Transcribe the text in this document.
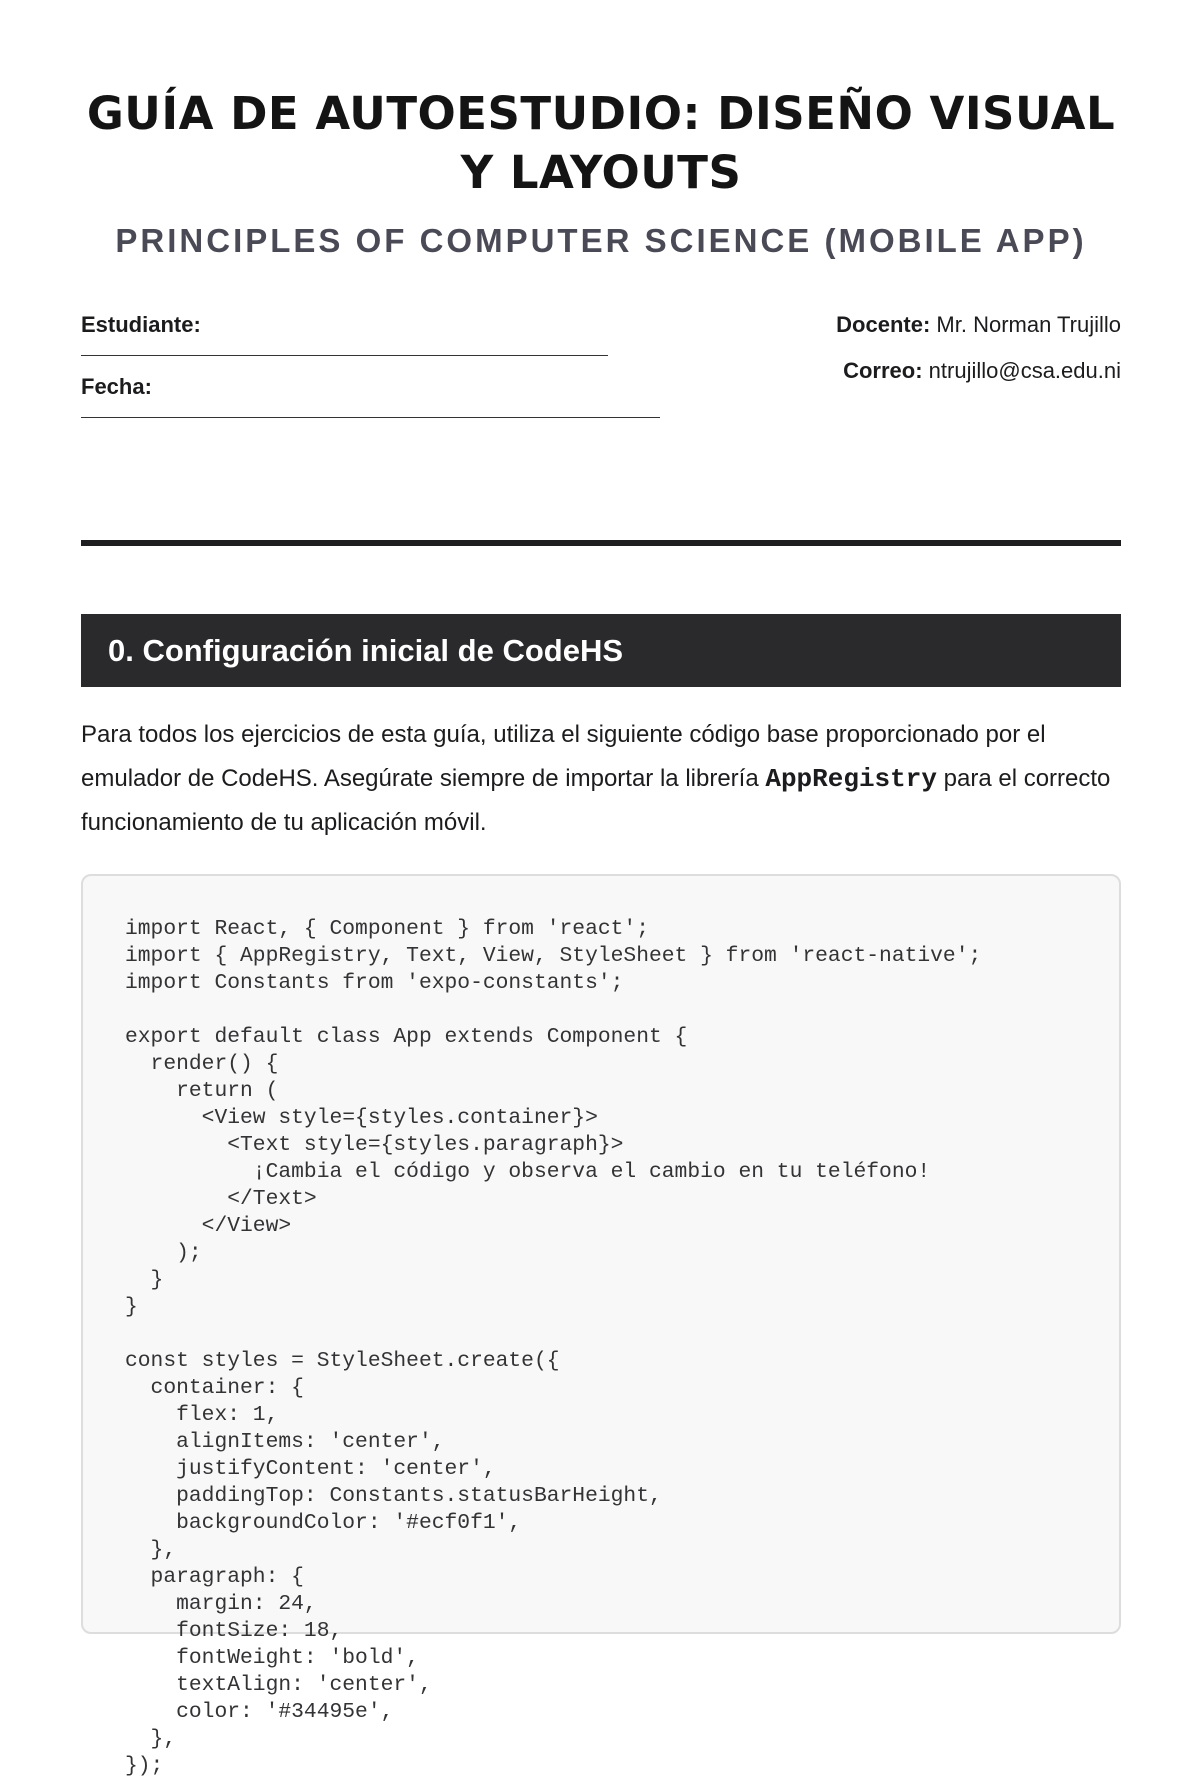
GUÍA DE AUTOESTUDIO: DISEÑO VISUAL Y LAYOUTS
PRINCIPLES OF COMPUTER SCIENCE (MOBILE APP)
Estudiante:
Fecha:
Docente: Mr. Norman Trujillo
Correo: ntrujillo@csa.edu.ni
0. Configuración inicial de CodeHS

Para todos los ejercicios de esta guía, utiliza el siguiente código base proporcionado por el emulador de CodeHS. Asegúrate siempre de importar la librería AppRegistry para el correcto funcionamiento de tu aplicación móvil.

import React, { Component } from 'react';
import { AppRegistry, Text, View, StyleSheet } from 'react-native';
import Constants from 'expo-constants';

export default class App extends Component {
render() {
return (
<View style={styles.container}>
<Text style={styles.paragraph}>
¡Cambia el código y observa el cambio en tu teléfono!
</Text>
</View>
);
}
}

const styles = StyleSheet.create({
container: {
flex: 1,
alignItems: 'center',
justifyContent: 'center',
paddingTop: Constants.statusBarHeight,
backgroundColor: '#ecf0f1',
},
paragraph: {
margin: 24,
fontSize: 18,
fontWeight: 'bold',
textAlign: 'center',
color: '#34495e',
},
});
